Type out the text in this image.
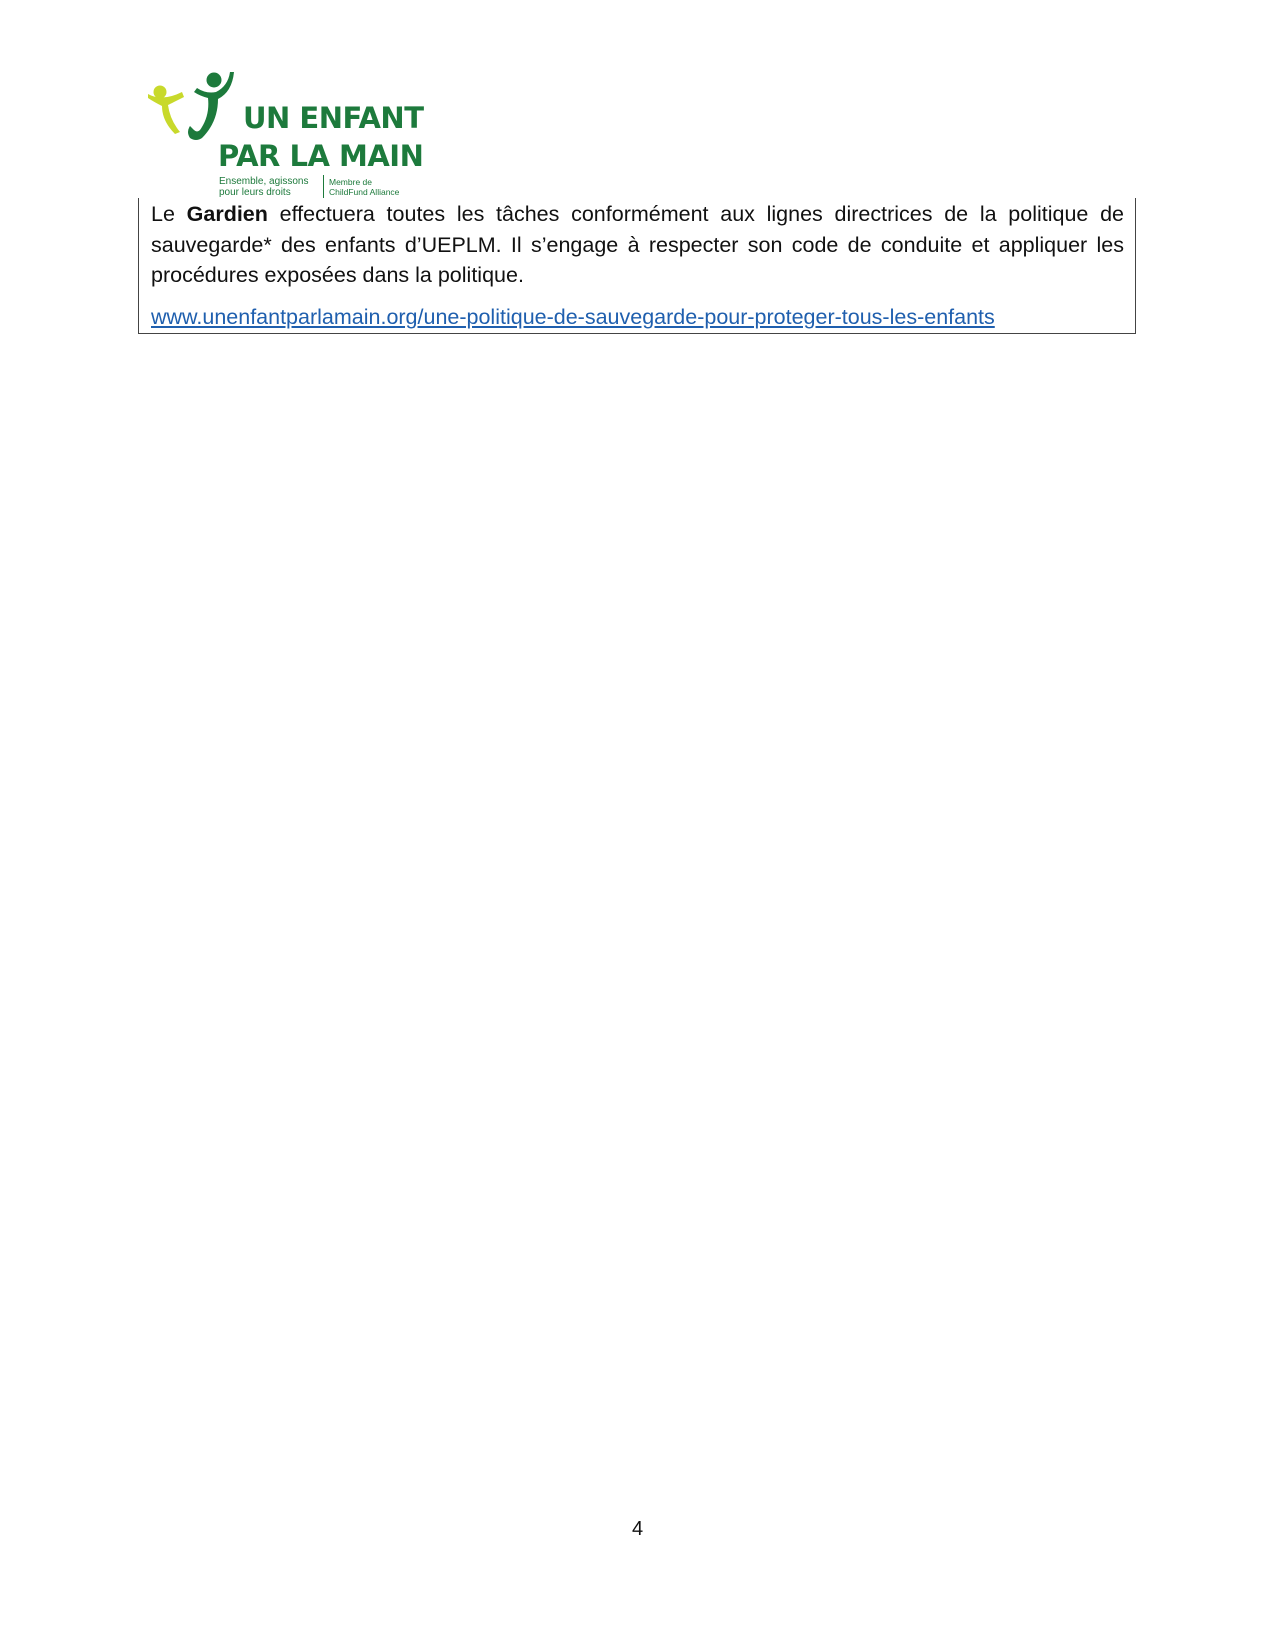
UN ENFANT
PAR LA MAIN
Ensemble, agissons pour leurs droits
Membre de ChildFund Alliance

Le Gardien effectuera toutes les tâches conformément aux lignes directrices de la politique de sauvegarde* des enfants d’UEPLM. Il s’engage à respecter son code de conduite et appliquer les procédures exposées dans la politique.

www.unenfantparlamain.org/une-politique-de-sauvegarde-pour-proteger-tous-les-enfants
4
